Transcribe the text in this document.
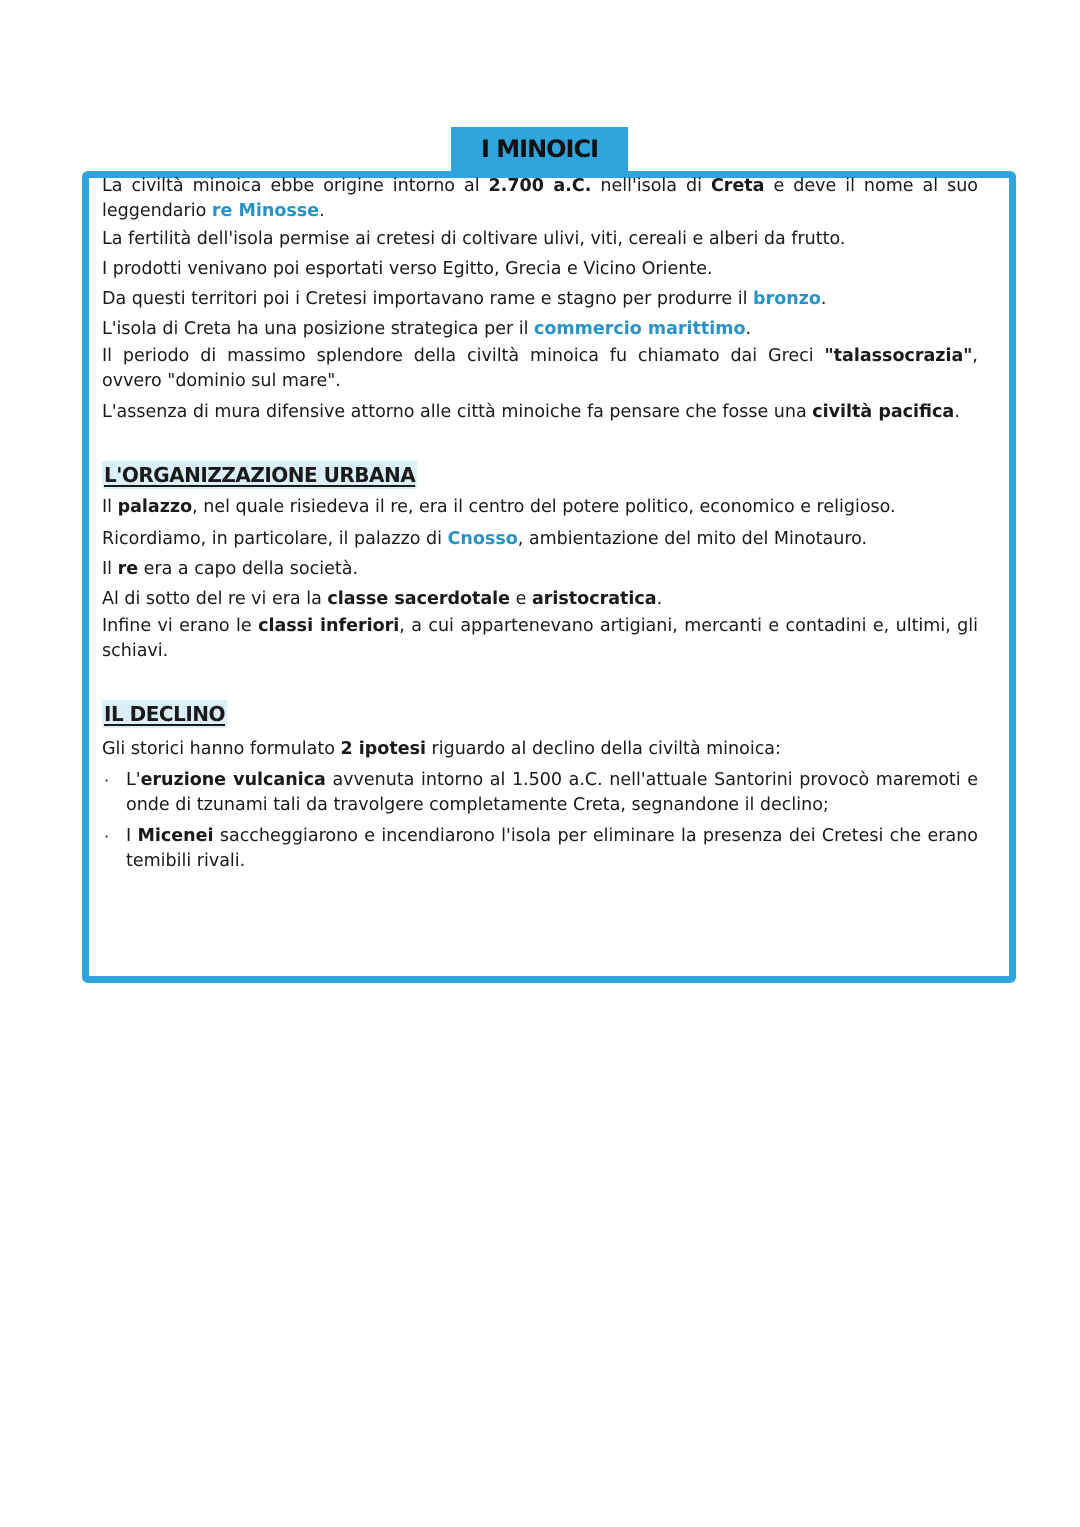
I MINOICI

La civiltà minoica ebbe origine intorno al 2.700 a.C. nell'isola di Creta e deve il nome al suo leggendario re Minosse.

La fertilità dell'isola permise ai cretesi di coltivare ulivi, viti, cereali e alberi da frutto.

I prodotti venivano poi esportati verso Egitto, Grecia e Vicino Oriente.

Da questi territori poi i Cretesi importavano rame e stagno per produrre il bronzo.

L'isola di Creta ha una posizione strategica per il commercio marittimo.

Il periodo di massimo splendore della civiltà minoica fu chiamato dai Greci "talassocrazia", ovvero "dominio sul mare".

L'assenza di mura difensive attorno alle città minoiche fa pensare che fosse una civiltà pacifica.

L'ORGANIZZAZIONE URBANA

Il palazzo, nel quale risiedeva il re, era il centro del potere politico, economico e religioso.

Ricordiamo, in particolare, il palazzo di Cnosso, ambientazione del mito del Minotauro.

Il re era a capo della società.

Al di sotto del re vi era la classe sacerdotale e aristocratica.

Infine vi erano le classi inferiori, a cui appartenevano artigiani, mercanti e contadini e, ultimi, gli schiavi.

IL DECLINO

Gli storici hanno formulato 2 ipotesi riguardo al declino della civiltà minoica:

· L'eruzione vulcanica avvenuta intorno al 1.500 a.C. nell'attuale Santorini provocò maremoti e onde di tzunami tali da travolgere completamente Creta, segnandone il declino;
· I Micenei saccheggiarono e incendiarono l'isola per eliminare la presenza dei Cretesi che erano temibili rivali.
